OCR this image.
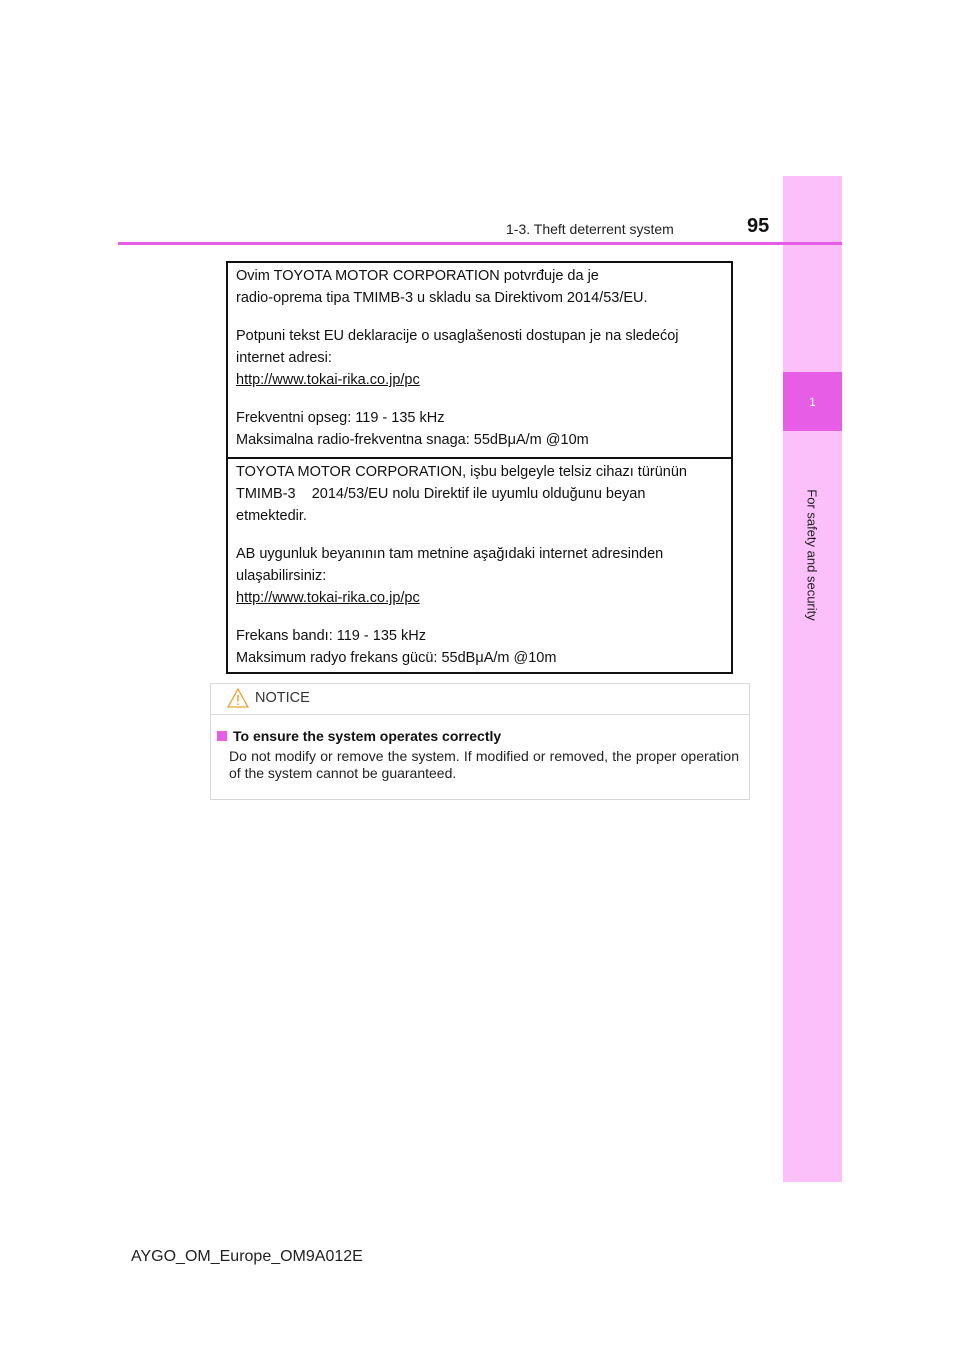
1
For safety and security
1-3. Theft deterrent system	95

Ovim TOYOTA MOTOR CORPORATION potvrđuje da je

radio-oprema tipa TMIMB-3 u skladu sa Direktivom 2014/53/EU.

Potpuni tekst EU deklaracije o usaglašenosti dostupan je na sledećoj

internet adresi:

http://www.tokai-rika.co.jp/pc

Frekventni opseg: 119 - 135 kHz

Maksimalna radio-frekventna snaga: 55dBμA/m @10m

TOYOTA MOTOR CORPORATION, işbu belgeyle telsiz cihazı türünün

TMIMB-3    2014/53/EU nolu Direktif ile uyumlu olduğunu beyan

etmektedir.

AB uygunluk beyanının tam metnine aşağıdaki internet adresinden

ulaşabilirsiniz:

http://www.tokai-rika.co.jp/pc

Frekans bandı: 119 - 135 kHz

Maksimum radyo frekans gücü: 55dBμA/m @10m

NOTICE
To ensure the system operates correctly

Do not modify or remove the system. If modified or removed, the proper operation of the system cannot be guaranteed.

AYGO_OM_Europe_OM9A012E
